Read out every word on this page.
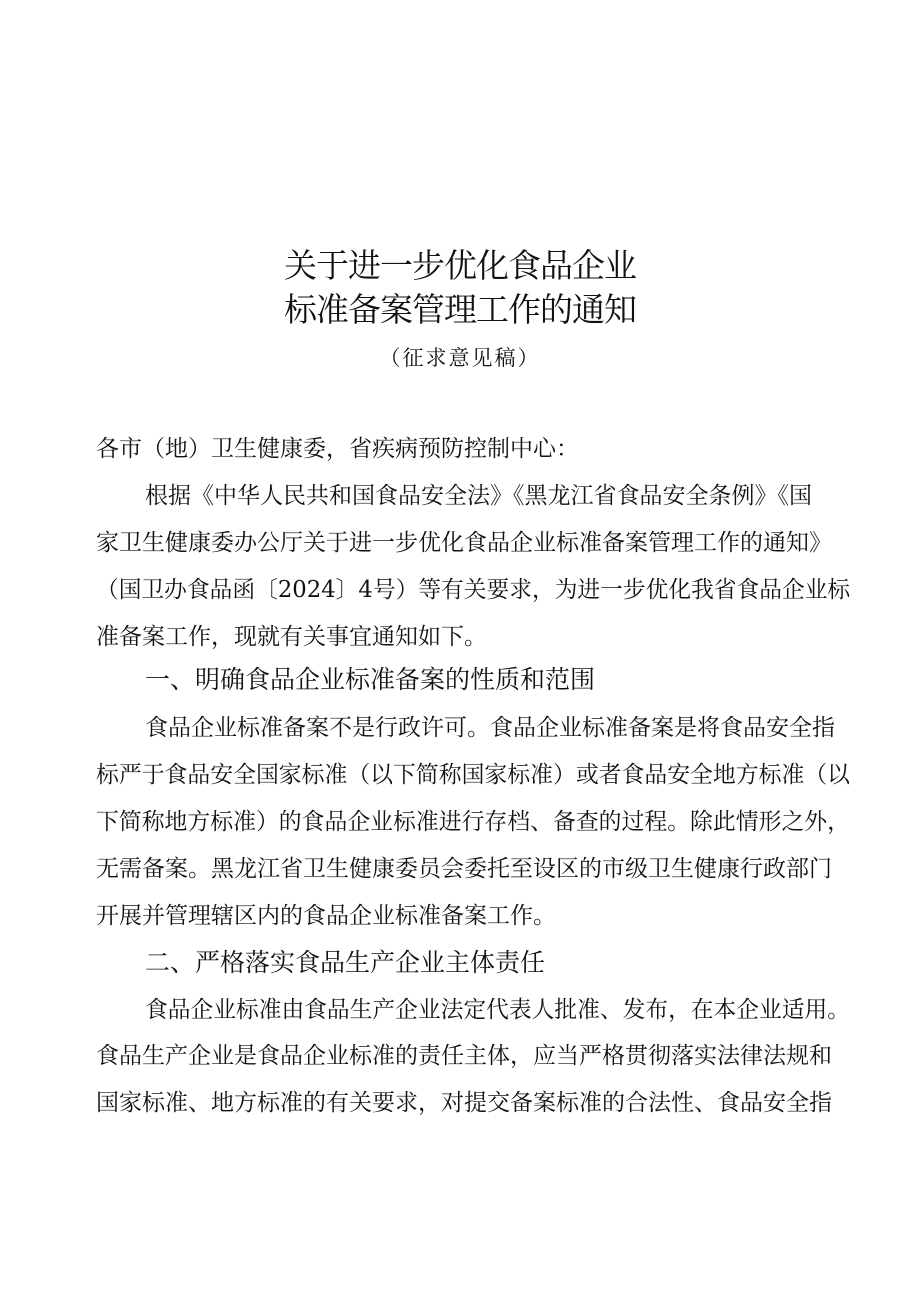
关于进一步优化食品企业
标准备案管理工作的通知
（征求意见稿）
各市（地）卫生健康委，省疾病预防控制中心：
根据《中华人民共和国食品安全法》《黑龙江省食品安全条例》《国
家卫生健康委办公厅关于进一步优化食品企业标准备案管理工作的通知》
（国卫办食品函〔2024〕4号）等有关要求，为进一步优化我省食品企业标
准备案工作，现就有关事宜通知如下。
一、明确食品企业标准备案的性质和范围
食品企业标准备案不是行政许可。食品企业标准备案是将食品安全指
标严于食品安全国家标准（以下简称国家标准）或者食品安全地方标准（以
下简称地方标准）的食品企业标准进行存档、备查的过程。除此情形之外，
无需备案。黑龙江省卫生健康委员会委托至设区的市级卫生健康行政部门
开展并管理辖区内的食品企业标准备案工作。
二、严格落实食品生产企业主体责任
食品企业标准由食品生产企业法定代表人批准、发布，在本企业适用。
食品生产企业是食品企业标准的责任主体，应当严格贯彻落实法律法规和
国家标准、地方标准的有关要求，对提交备案标准的合法性、食品安全指
